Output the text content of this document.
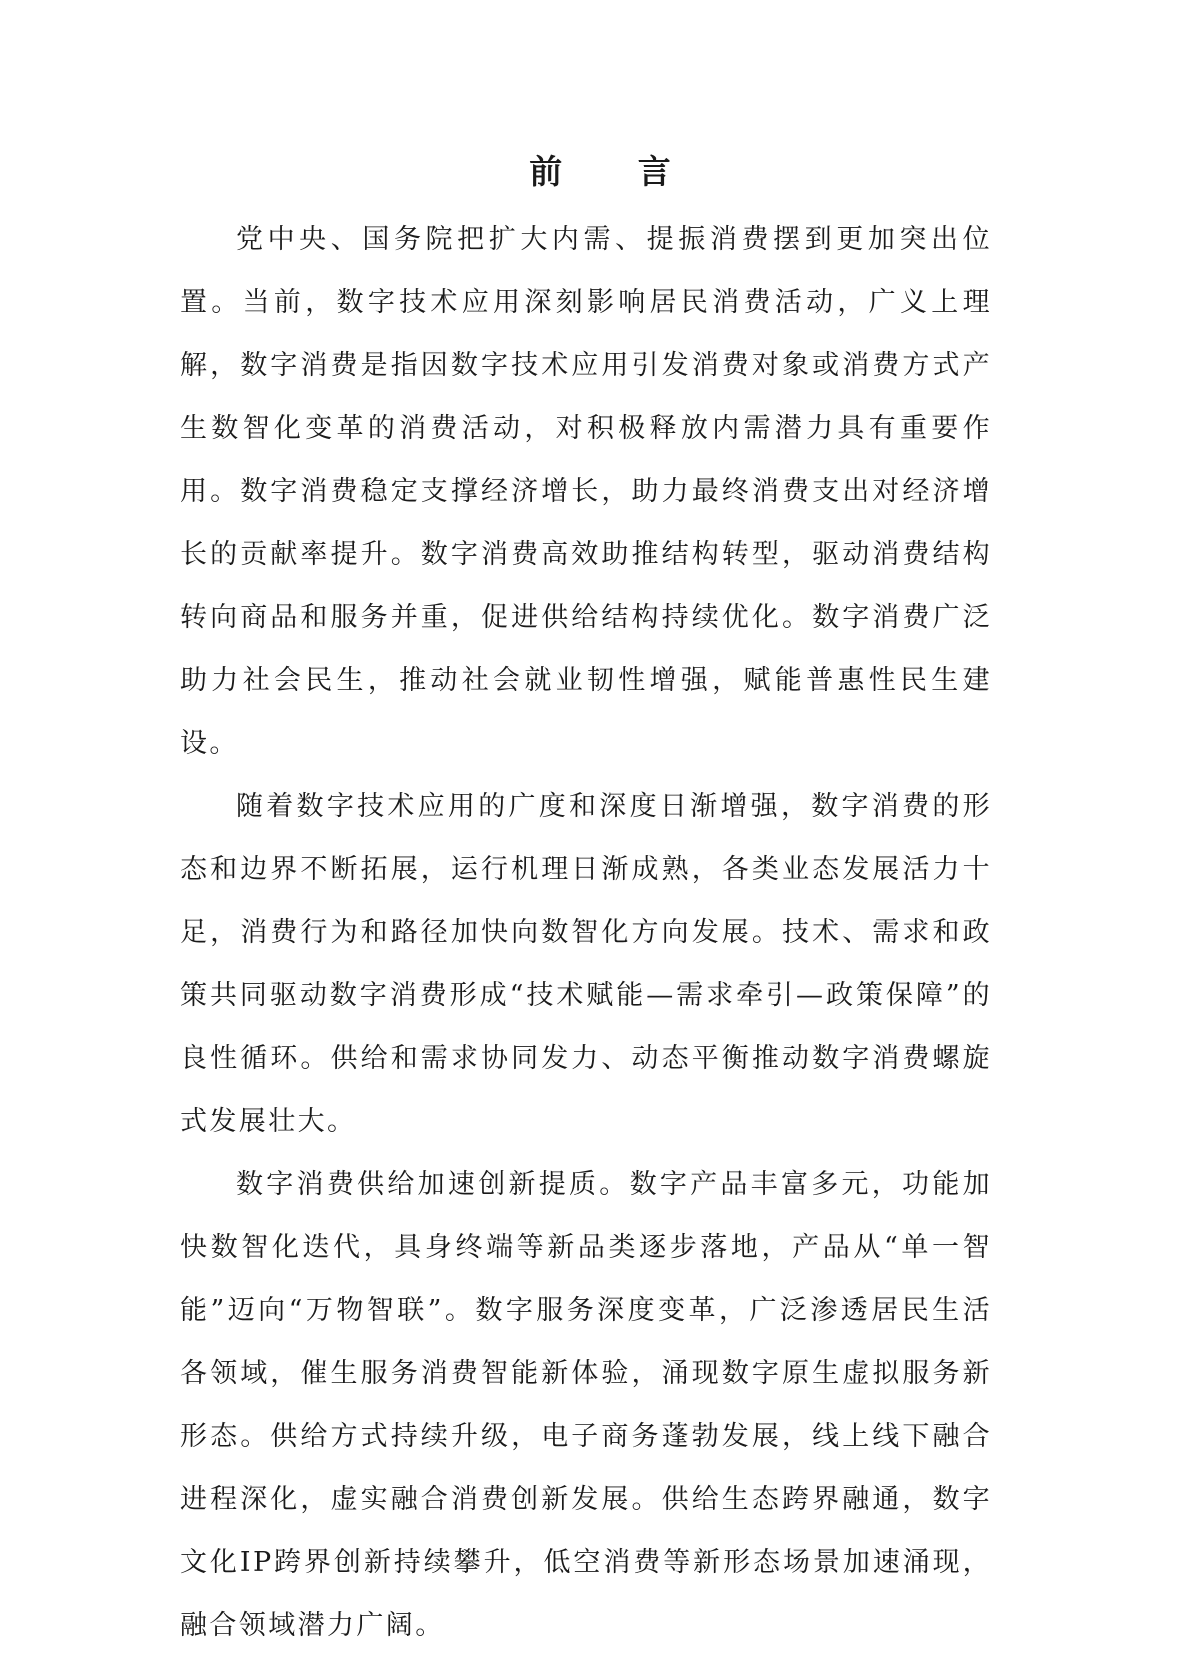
前 言

党中央、国务院把扩大内需、提振消费摆到更加突出位置。当前，数字技术应用深刻影响居民消费活动，广义上理解，数字消费是指因数字技术应用引发消费对象或消费方式产生数智化变革的消费活动，对积极释放内需潜力具有重要作用。数字消费稳定支撑经济增长，助力最终消费支出对经济增长的贡献率提升。数字消费高效助推结构转型，驱动消费结构转向商品和服务并重，促进供给结构持续优化。数字消费广泛助力社会民生，推动社会就业韧性增强，赋能普惠性民生建设。

随着数字技术应用的广度和深度日渐增强，数字消费的形态和边界不断拓展，运行机理日渐成熟，各类业态发展活力十足，消费行为和路径加快向数智化方向发展。技术、需求和政策共同驱动数字消费形成“技术赋能—需求牵引—政策保障”的良性循环。供给和需求协同发力、动态平衡推动数字消费螺旋式发展壮大。

数字消费供给加速创新提质。数字产品丰富多元，功能加快数智化迭代，具身终端等新品类逐步落地，产品从“单一智能”迈向“万物智联”。数字服务深度变革，广泛渗透居民生活各领域，催生服务消费智能新体验，涌现数字原生虚拟服务新形态。供给方式持续升级，电子商务蓬勃发展，线上线下融合进程深化，虚实融合消费创新发展。供给生态跨界融通，数字文化IP跨界创新持续攀升，低空消费等新形态场景加速涌现，融合领域潜力广阔。
